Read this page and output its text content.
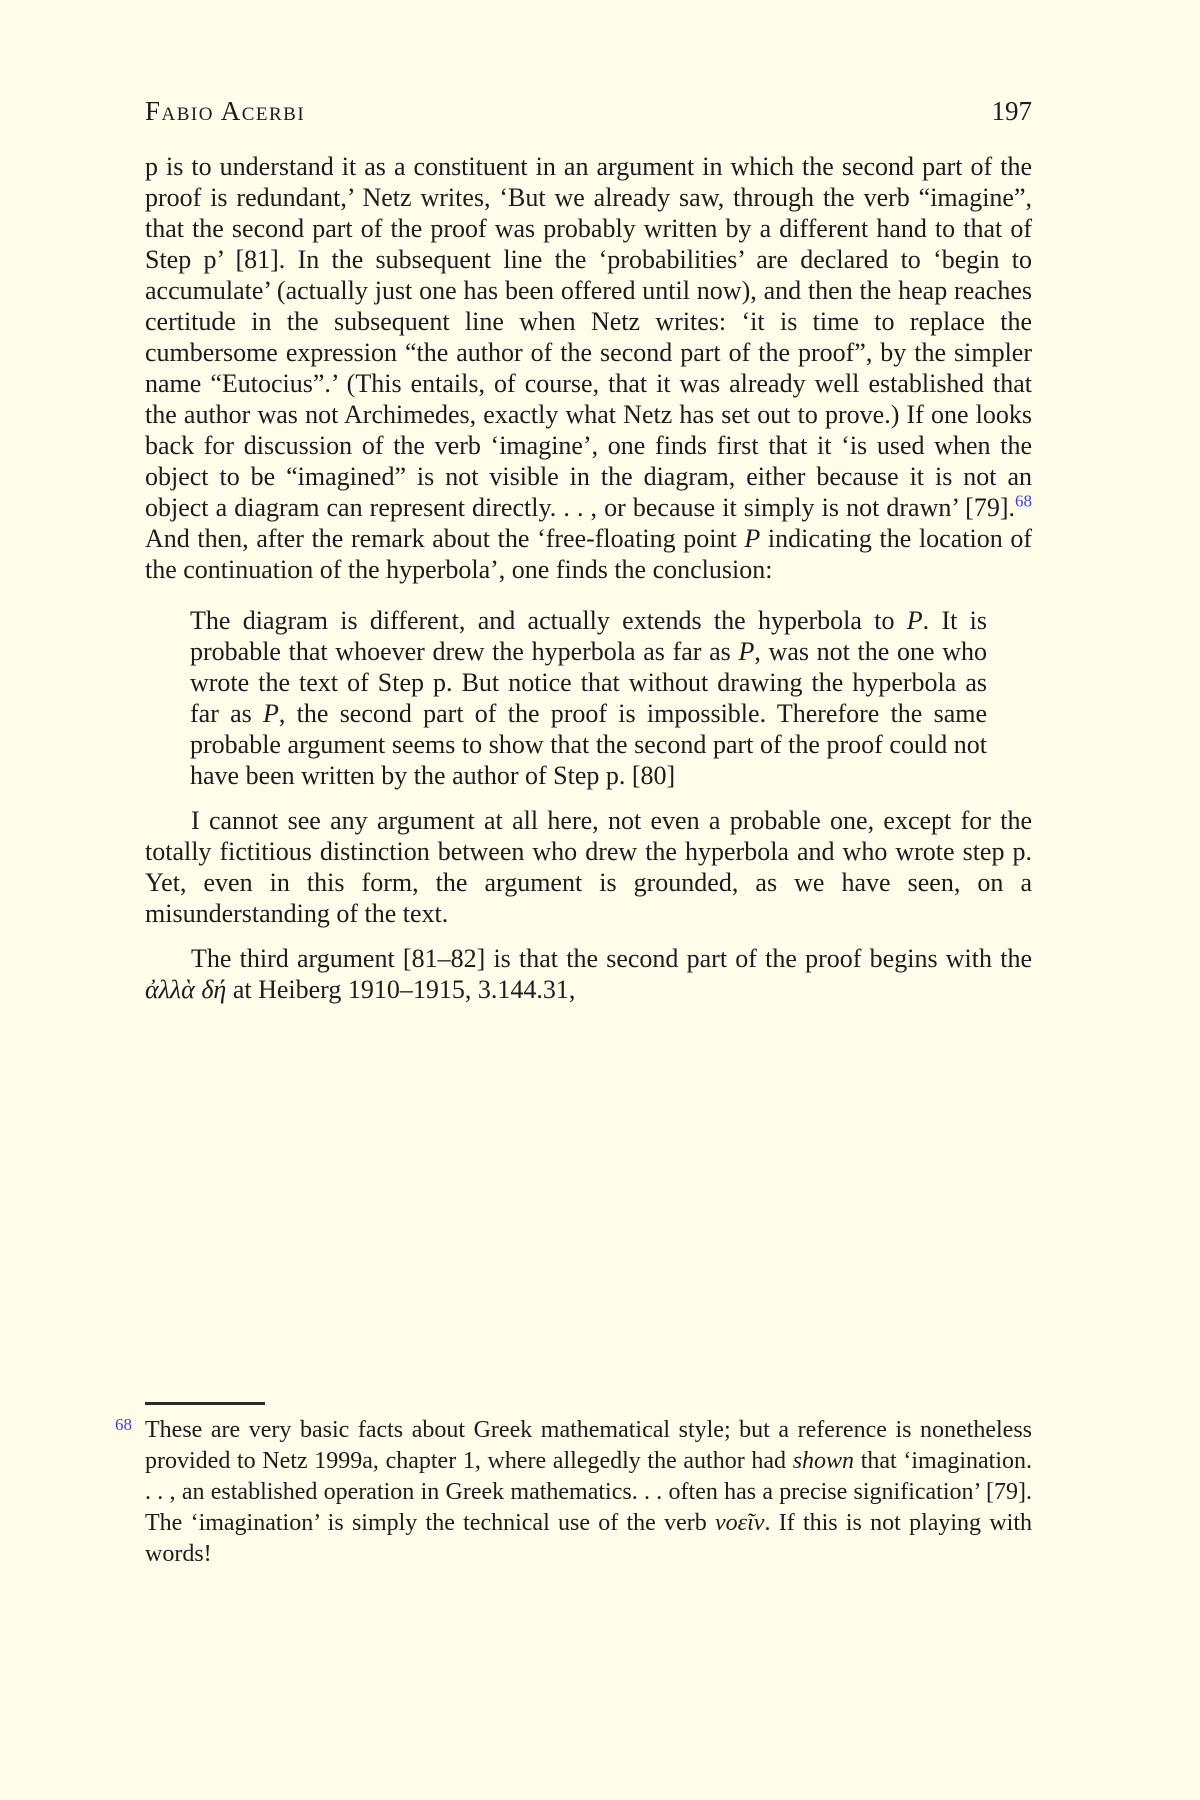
Fabio Acerbi	197

p is to understand it as a constituent in an argument in which the second part of the proof is redundant,’ Netz writes, ‘But we already saw, through the verb “imagine”, that the second part of the proof was probably written by a different hand to that of Step p’ [81]. In the subsequent line the ‘probabilities’ are declared to ‘begin to accumulate’ (actually just one has been offered until now), and then the heap reaches certitude in the subsequent line when Netz writes: ‘it is time to replace the cumbersome expression “the author of the second part of the proof”, by the simpler name “Eutocius”.’ (This entails, of course, that it was already well established that the author was not Archimedes, exactly what Netz has set out to prove.) If one looks back for discussion of the verb ‘imagine’, one finds first that it ‘is used when the object to be “imagined” is not visible in the diagram, either because it is not an object a diagram can represent directly. . . , or because it simply is not drawn’ [79].$^{68}$ And then, after the remark about the ‘free-floating point P indicating the location of the continuation of the hyperbola’, one finds the conclusion:

The diagram is different, and actually extends the hyperbola to P. It is probable that whoever drew the hyperbola as far as P, was not the one who wrote the text of Step p. But notice that without drawing the hyperbola as far as P, the second part of the proof is impossible. Therefore the same probable argument seems to show that the second part of the proof could not have been written by the author of Step p. [80]

I cannot see any argument at all here, not even a probable one, except for the totally fictitious distinction between who drew the hyperbola and who wrote step p. Yet, even in this form, the argument is grounded, as we have seen, on a misunderstanding of the text.

The third argument [81–82] is that the second part of the proof begins with the ἀλλὰ δή at Heiberg 1910–1915, 3.144.31,

68 These are very basic facts about Greek mathematical style; but a reference is nonetheless provided to Netz 1999a, chapter 1, where allegedly the author had shown that ‘imagination. . . , an established operation in Greek mathematics. . . often has a precise signification’ [79]. The ‘imagination’ is simply the technical use of the verb νοεῖν. If this is not playing with words!
